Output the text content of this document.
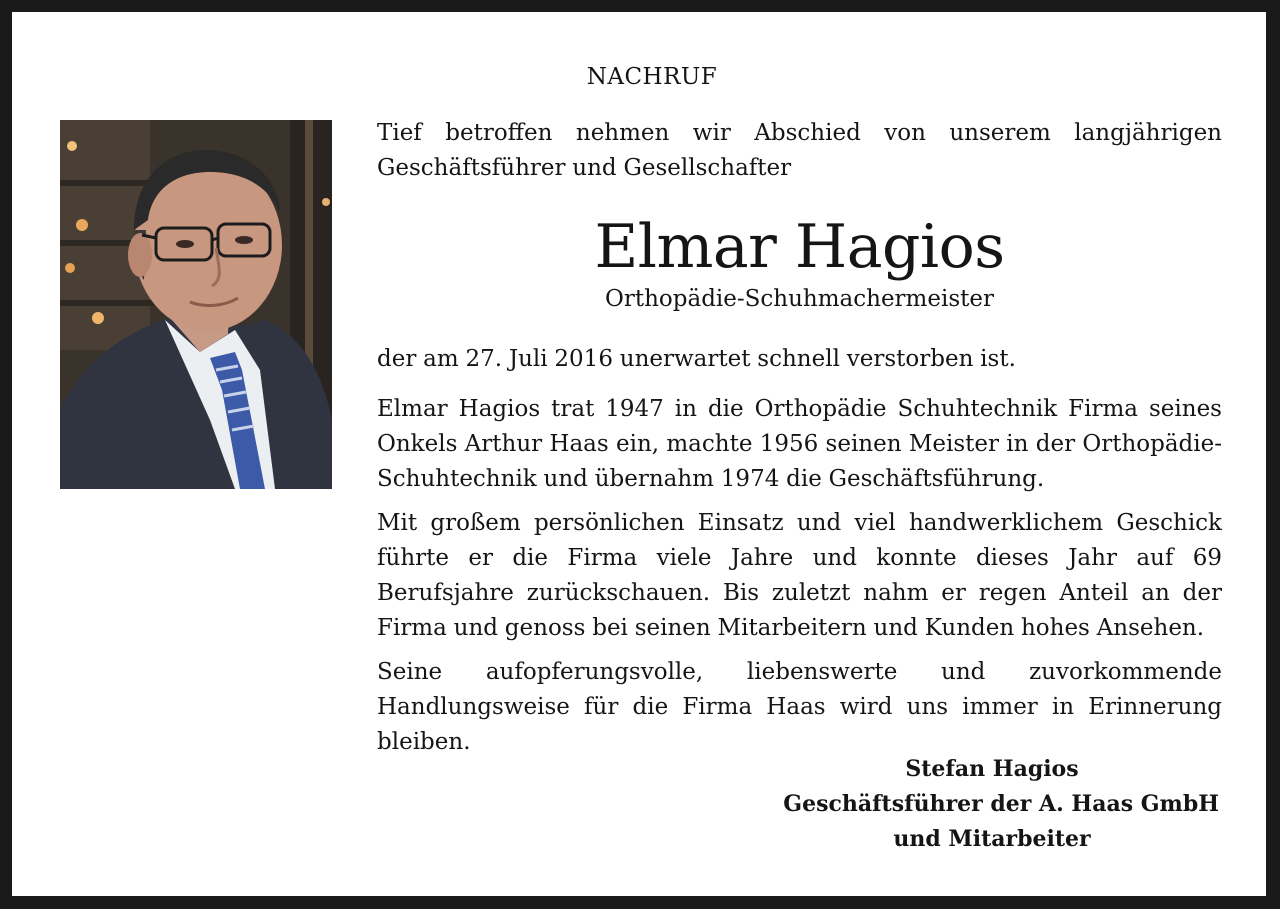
NACHRUF
Tief betroffen nehmen wir Abschied von unserem langjährigen Geschäftsführer und Gesellschafter
Elmar Hagios
Orthopädie-Schuhmachermeister
der am 27. Juli 2016 unerwartet schnell verstorben ist.
Elmar Hagios trat 1947 in die Orthopädie Schuhtechnik Firma seines Onkels Arthur Haas ein, machte 1956 seinen Meister in der Orthopädie-Schuhtechnik und übernahm 1974 die Geschäftsführung.
Mit großem persönlichen Einsatz und viel handwerklichem Geschick führte er die Firma viele Jahre und konnte dieses Jahr auf 69 Berufsjahre zurückschauen. Bis zuletzt nahm er regen Anteil an der Firma und genoss bei seinen Mitarbeitern und Kunden hohes Ansehen.
Seine aufopferungsvolle, liebenswerte und zuvorkommende Handlungsweise für die Firma Haas wird uns immer in Erinnerung bleiben.
Stefan Hagios
Geschäftsführer der A. Haas GmbH
und Mitarbeiter
